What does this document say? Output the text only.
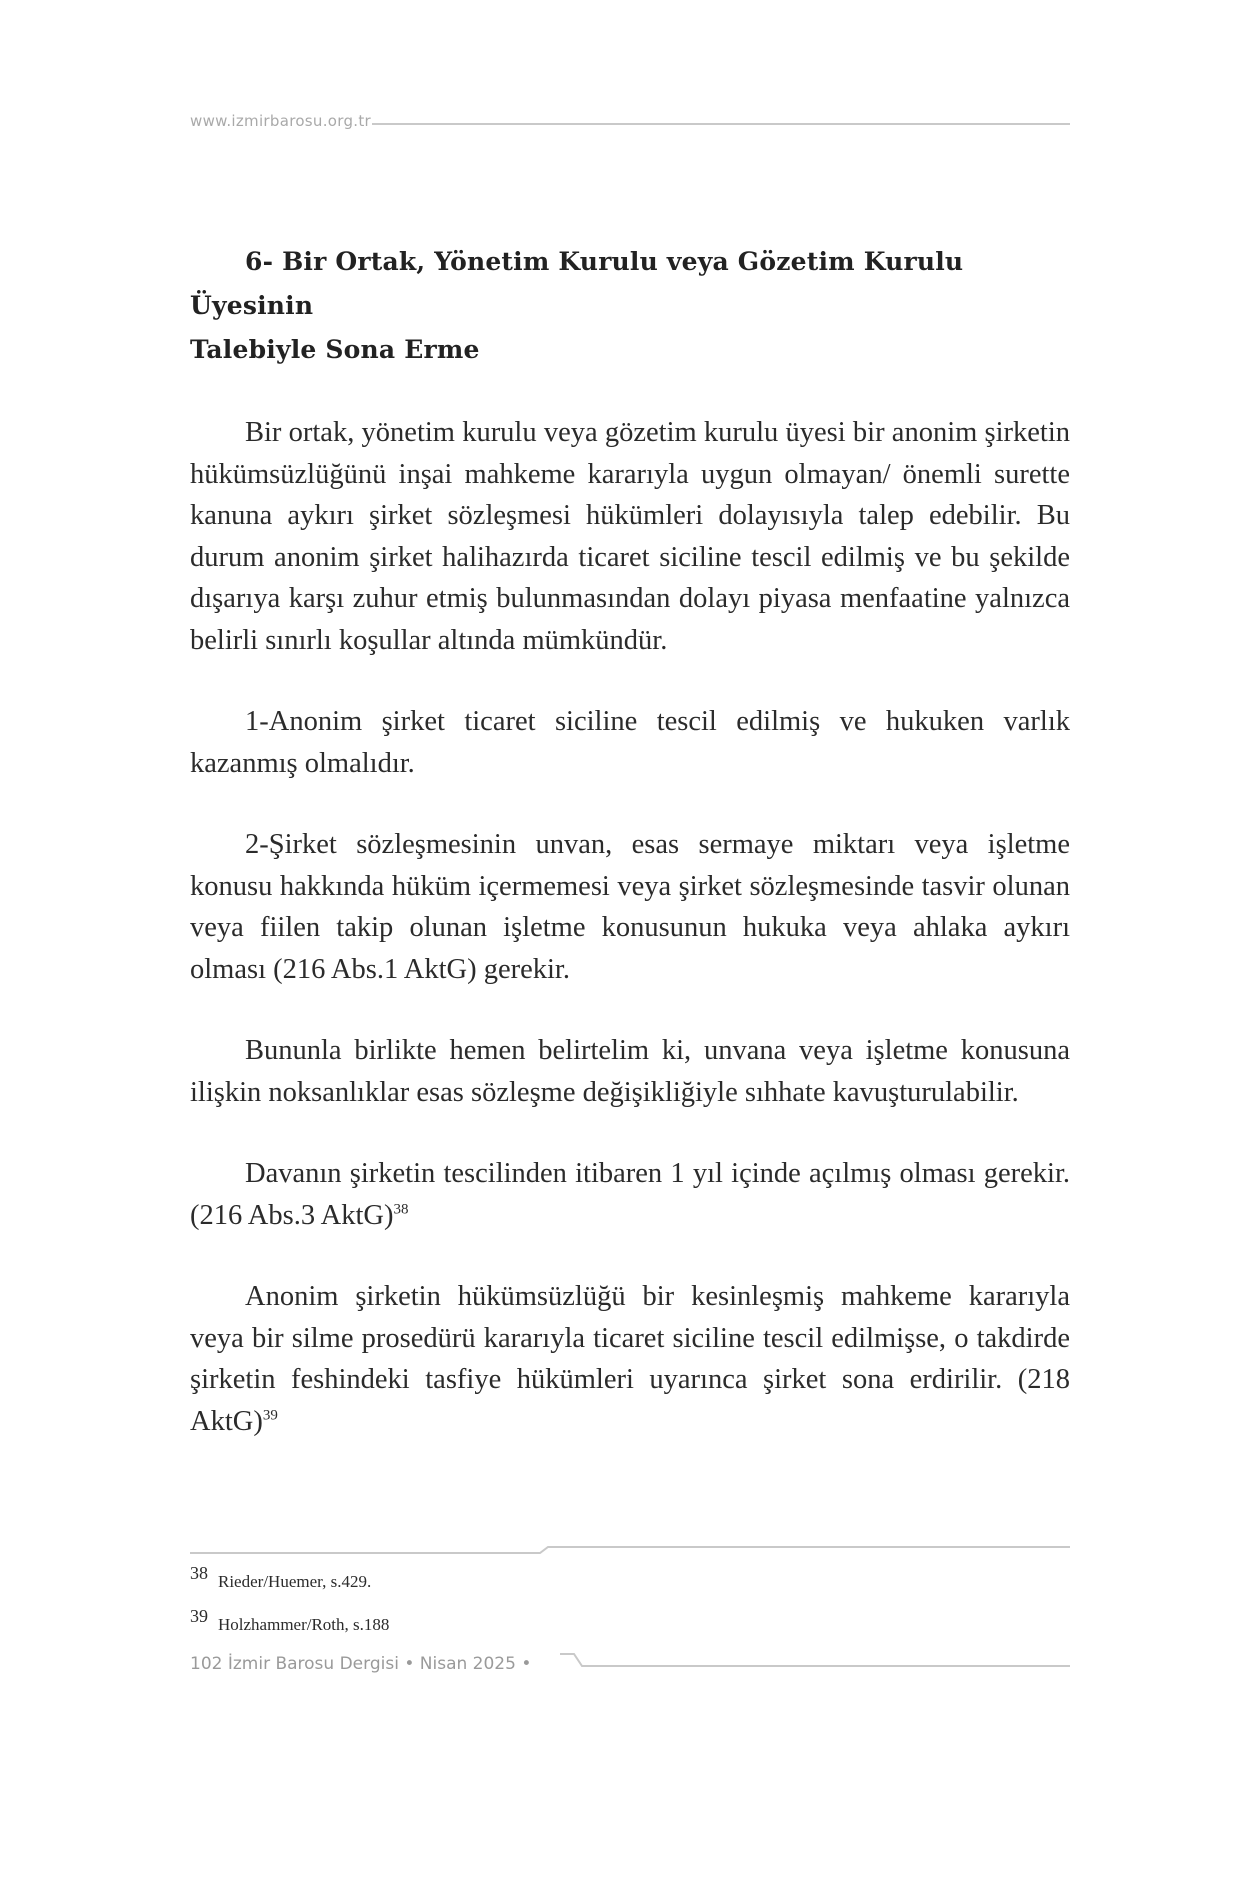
www.izmirbarosu.org.tr
6- Bir Ortak, Yönetim Kurulu veya Gözetim Kurulu Üyesinin
Talebiyle Sona Erme

Bir ortak, yönetim kurulu veya gözetim kurulu üyesi bir anonim şirketin hükümsüzlüğünü inşai mahkeme kararıyla uygun olmayan/ önemli surette kanuna aykırı şirket sözleşmesi hükümleri dolayısıyla talep edebilir. Bu durum anonim şirket halihazırda ticaret siciline tescil edilmiş ve bu şekilde dışarıya karşı zuhur etmiş bulunmasından dolayı piyasa menfaatine yalnızca belirli sınırlı koşullar altında mümkündür.

1-Anonim şirket ticaret siciline tescil edilmiş ve hukuken varlık kazanmış olmalıdır.

2-Şirket sözleşmesinin unvan, esas sermaye miktarı veya işletme konusu hakkında hüküm içermemesi veya şirket sözleşmesinde tasvir olunan veya fiilen takip olunan işletme konusunun hukuka veya ahlaka aykırı olması (216 Abs.1 AktG) gerekir.

Bununla birlikte hemen belirtelim ki, unvana veya işletme konusuna ilişkin noksanlıklar esas sözleşme değişikliğiyle sıhhate kavuşturulabilir.

Davanın şirketin tescilinden itibaren 1 yıl içinde açılmış olması gerekir. (216 Abs.3 AktG)$^{38}$

Anonim şirketin hükümsüzlüğü bir kesinleşmiş mahkeme kararıyla veya bir silme prosedürü kararıyla ticaret siciline tescil edilmişse, o takdirde şirketin feshindeki tasfiye hükümleri uyarınca şirket sona erdirilir. (218 AktG)$^{39}$

38 Rieder/Huemer, s.429.
39 Holzhammer/Roth, s.188
102 İzmir Barosu Dergisi • Nisan 2025 •
